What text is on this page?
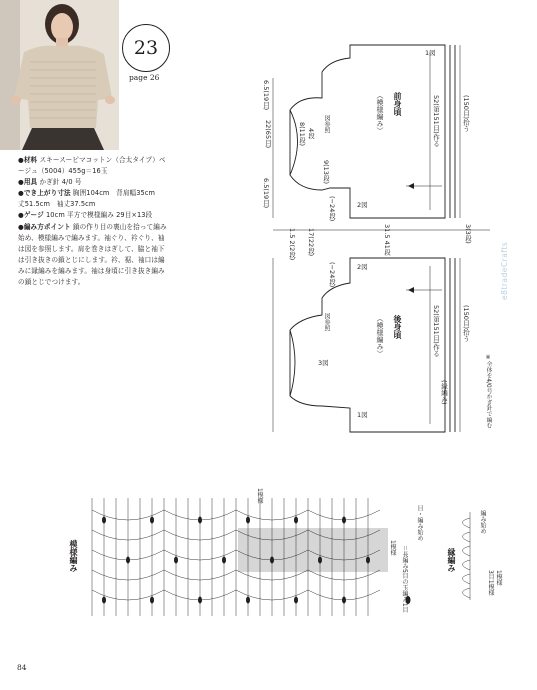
23
page 26

●材料 スキースーピマコットン（合太タイプ）ベージュ（5004）455g＝16玉

●用具 かぎ針 4/0 号

●でき上がり寸法 胸囲104cm　背肩幅35cm　丈51.5cm　袖丈37.5cm

●ゲージ 10cm 平方で模様編み 29目×13段

●編み方ポイント 鎖の作り目の裏山を拾って編み始め、模様編みで編みます。袖ぐり、衿ぐり、袖は図を参照します。肩を巻きはぎして、脇と袖下は引き抜きの鎖とじにします。衿、裾、袖口は編みに縁編みを編みます。袖は身頃に引き抜き編みの鎖とじでつけます。

84
前身頃
（模様編み）
後身頃
（模様編み）
図参照
図参照
6.5(19目)
22(65目)
6.5(19目)
8(11段) 4段
9(13段)
(−24段)
(−24段)
1.5 2(2段)
17(22段)
31.5 41段
3(3段)
52(第151目)作る	(150目)拾う
52(第151目)作る	(150目)拾う
(縁編み)
1図
2図
3図
1図
2図
※全体を4/0号かぎ針で編む
e8tradeCrafts
模様編み
1模様
1模様 ＝長編み5目の玉編み1目
目・編み始め
縁編み
編み始め
3目1模様 1模様
